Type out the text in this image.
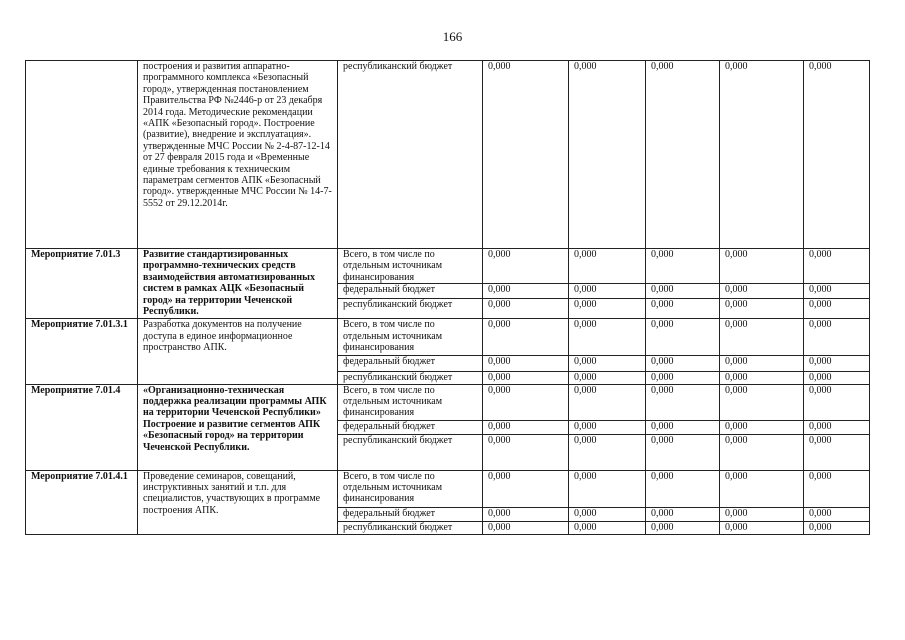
166
	построения и развития аппаратно-программного комплекса «Безопасный город», утвержденная постановлением Правительства РФ №2446-р от 23 декабря 2014 года. Методические рекомендации «АПК «Безопасный город». Построение (развитие), внедрение и эксплуатация». утвержденные МЧС России № 2-4-87-12-14 от 27 февраля 2015 года и «Временные единые требования к техническим параметрам сегментов АПК «Безопасный город». утвержденные МЧС России № 14-7-5552 от 29.12.2014г.	республиканский бюджет	0,000	0,000	0,000	0,000	0,000	
Мероприятие 7.01.3	Развитие стандартизированных программно-технических средств взаимодействия автоматизированных систем в рамках АЦК «Безопасный город» на территории Чеченской Республики.	Всего, в том числе по отдельным источникам финансирования	0,000	0,000	0,000	0,000	0,000	
		федеральный бюджет	0,000	0,000	0,000	0,000	0,000	
		республиканский бюджет	0,000	0,000	0,000	0,000	0,000	
Мероприятие 7.01.3.1	Разработка документов на получение доступа в единое информационное пространство АПК.	Всего, в том числе по отдельным источникам финансирования	0,000	0,000	0,000	0,000	0,000	
		федеральный бюджет	0,000	0,000	0,000	0,000	0,000	
		республиканский бюджет	0,000	0,000	0,000	0,000	0,000	
Мероприятие 7.01.4	«Организационно-техническая поддержка реализации программы АПК на территории Чеченской Республики» Построение и развитие сегментов АПК «Безопасный город» на территории Чеченской Республики.	Всего, в том числе по отдельным источникам финансирования	0,000	0,000	0,000	0,000	0,000	
		федеральный бюджет	0,000	0,000	0,000	0,000	0,000	
		республиканский бюджет	0,000	0,000	0,000	0,000	0,000	
Мероприятие 7.01.4.1	Проведение семинаров, совещаний, инструктивных занятий и т.п. для специалистов, участвующих в программе построения АПК.	Всего, в том числе по отдельным источникам финансирования	0,000	0,000	0,000	0,000	0,000	
		федеральный бюджет	0,000	0,000	0,000	0,000	0,000	
		республиканский бюджет	0,000	0,000	0,000	0,000	0,000	
